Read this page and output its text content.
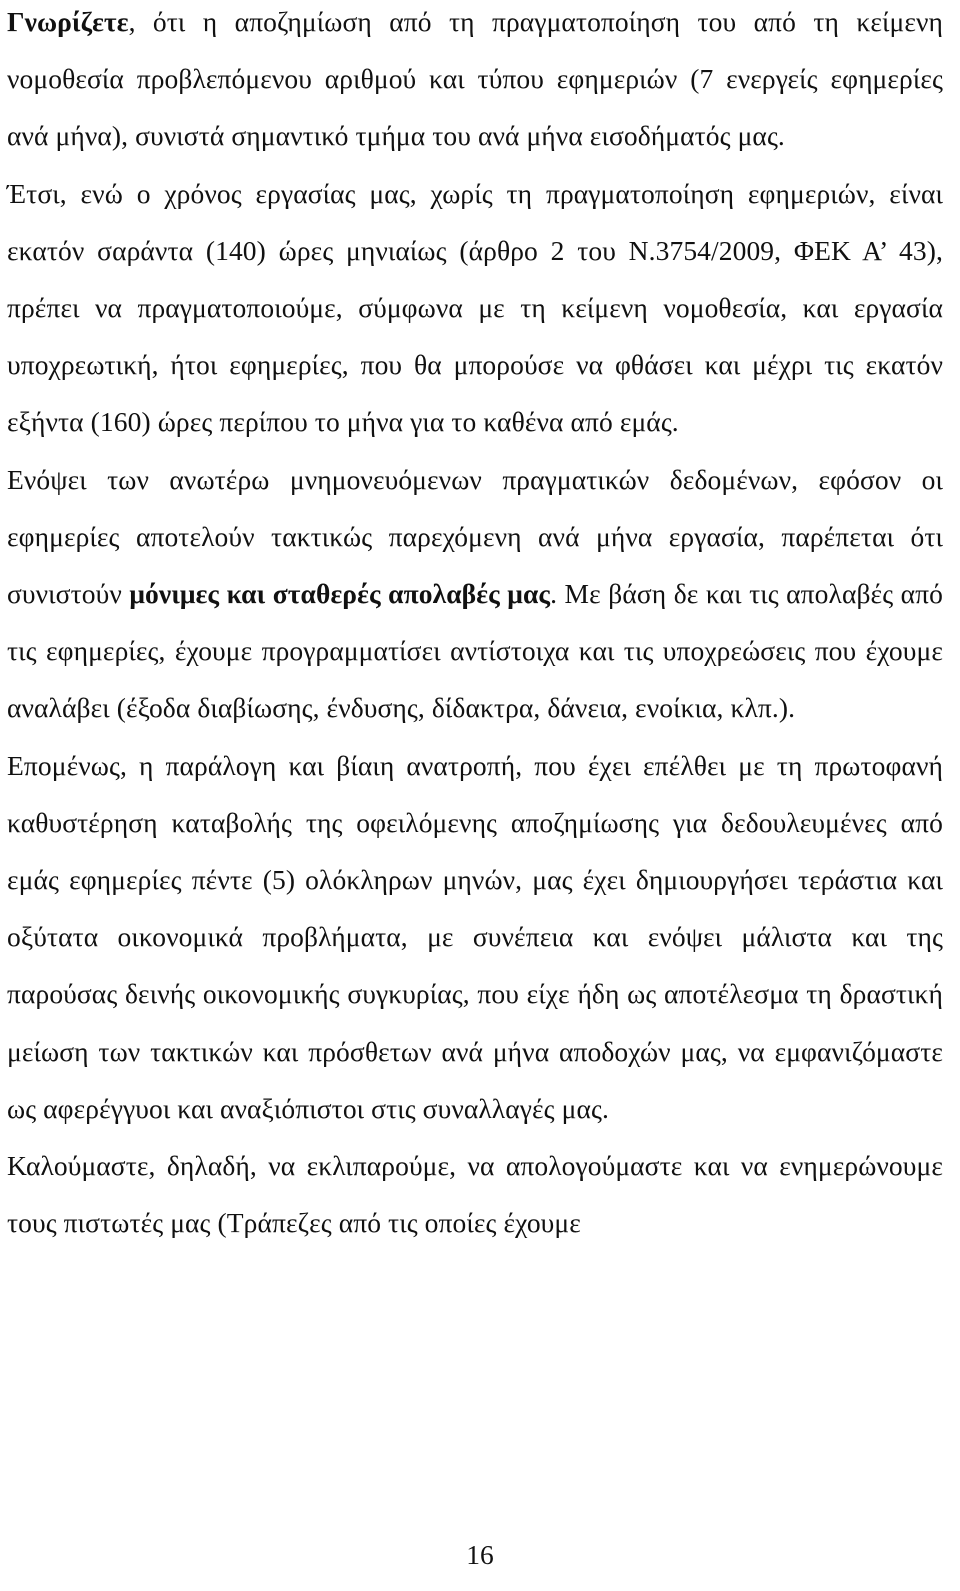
Γνωρίζετε, ότι η αποζημίωση από τη πραγματοποίηση του από τη κείμενη νομοθεσία προβλεπόμενου αριθμού και τύπου εφημεριών (7 ενεργείς εφημερίες ανά μήνα), συνιστά σημαντικό τμήμα του ανά μήνα εισοδήματός μας.

Έτσι, ενώ ο χρόνος εργασίας μας, χωρίς τη πραγματοποίηση εφημεριών, είναι εκατόν σαράντα (140) ώρες μηνιαίως (άρθρο 2 του Ν.3754/2009, ΦΕΚ Α’ 43), πρέπει να πραγματοποιούμε, σύμφωνα με τη κείμενη νομοθεσία, και εργασία υποχρεωτική, ήτοι εφημερίες, που θα μπορούσε να φθάσει και μέχρι τις εκατόν εξήντα (160) ώρες περίπου το μήνα για το καθένα από εμάς.

Ενόψει των ανωτέρω μνημονευόμενων πραγματικών δεδομένων, εφόσον οι εφημερίες αποτελούν τακτικώς παρεχόμενη ανά μήνα εργασία, παρέπεται ότι συνιστούν μόνιμες και σταθερές απολαβές μας. Με βάση δε και τις απολαβές από τις εφημερίες, έχουμε προγραμματίσει αντίστοιχα και τις υποχρεώσεις που έχουμε αναλάβει (έξοδα διαβίωσης, ένδυσης, δίδακτρα, δάνεια, ενοίκια, κλπ.).

Επομένως, η παράλογη και βίαιη ανατροπή, που έχει επέλθει με τη πρωτοφανή καθυστέρηση καταβολής της οφειλόμενης αποζημίωσης για δεδουλευμένες από εμάς εφημερίες πέντε (5) ολόκληρων μηνών, μας έχει δημιουργήσει τεράστια και οξύτατα οικονομικά προβλήματα, με συνέπεια και ενόψει μάλιστα και της παρούσας δεινής οικονομικής συγκυρίας, που είχε ήδη ως αποτέλεσμα τη δραστική μείωση των τακτικών και πρόσθετων ανά μήνα αποδοχών μας, να εμφανιζόμαστε ως αφερέγγυοι και αναξιόπιστοι στις συναλλαγές μας.

Καλούμαστε, δηλαδή, να εκλιπαρούμε, να απολογούμαστε και να ενημερώνουμε τους πιστωτές μας (Τράπεζες από τις οποίες έχουμε

16
